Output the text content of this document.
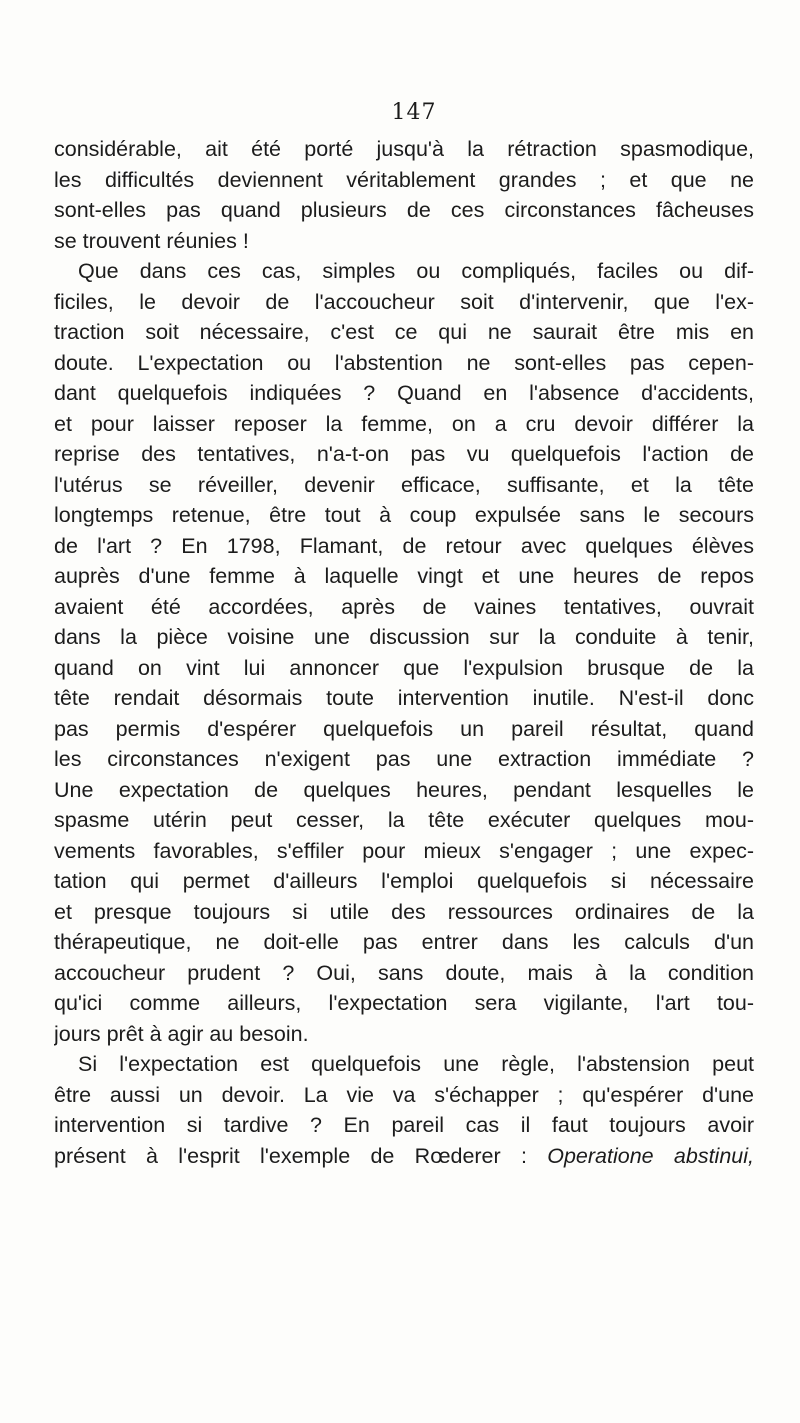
147
considérable, ait été porté jusqu'à la rétraction spasmodique,
les difficultés deviennent véritablement grandes ; et que ne
sont-elles pas quand plusieurs de ces circonstances fâcheuses
se trouvent réunies !
Que dans ces cas, simples ou compliqués, faciles ou dif-
ficiles, le devoir de l'accoucheur soit d'intervenir, que l'ex-
traction soit nécessaire, c'est ce qui ne saurait être mis en
doute. L'expectation ou l'abstention ne sont-elles pas cepen-
dant quelquefois indiquées ? Quand en l'absence d'accidents,
et pour laisser reposer la femme, on a cru devoir différer la
reprise des tentatives, n'a-t-on pas vu quelquefois l'action de
l'utérus se réveiller, devenir efficace, suffisante, et la tête
longtemps retenue, être tout à coup expulsée sans le secours
de l'art ? En 1798, Flamant, de retour avec quelques élèves
auprès d'une femme à laquelle vingt et une heures de repos
avaient été accordées, après de vaines tentatives, ouvrait
dans la pièce voisine une discussion sur la conduite à tenir,
quand on vint lui annoncer que l'expulsion brusque de la
tête rendait désormais toute intervention inutile. N'est-il donc
pas permis d'espérer quelquefois un pareil résultat, quand
les circonstances n'exigent pas une extraction immédiate ?
Une expectation de quelques heures, pendant lesquelles le
spasme utérin peut cesser, la tête exécuter quelques mou-
vements favorables, s'effiler pour mieux s'engager ; une expec-
tation qui permet d'ailleurs l'emploi quelquefois si nécessaire
et presque toujours si utile des ressources ordinaires de la
thérapeutique, ne doit-elle pas entrer dans les calculs d'un
accoucheur prudent ? Oui, sans doute, mais à la condition
qu'ici comme ailleurs, l'expectation sera vigilante, l'art tou-
jours prêt à agir au besoin.
Si l'expectation est quelquefois une règle, l'abstension peut
être aussi un devoir. La vie va s'échapper ; qu'espérer d'une
intervention si tardive ? En pareil cas il faut toujours avoir
présent à l'esprit l'exemple de Rœderer : Operatione abstinui,
